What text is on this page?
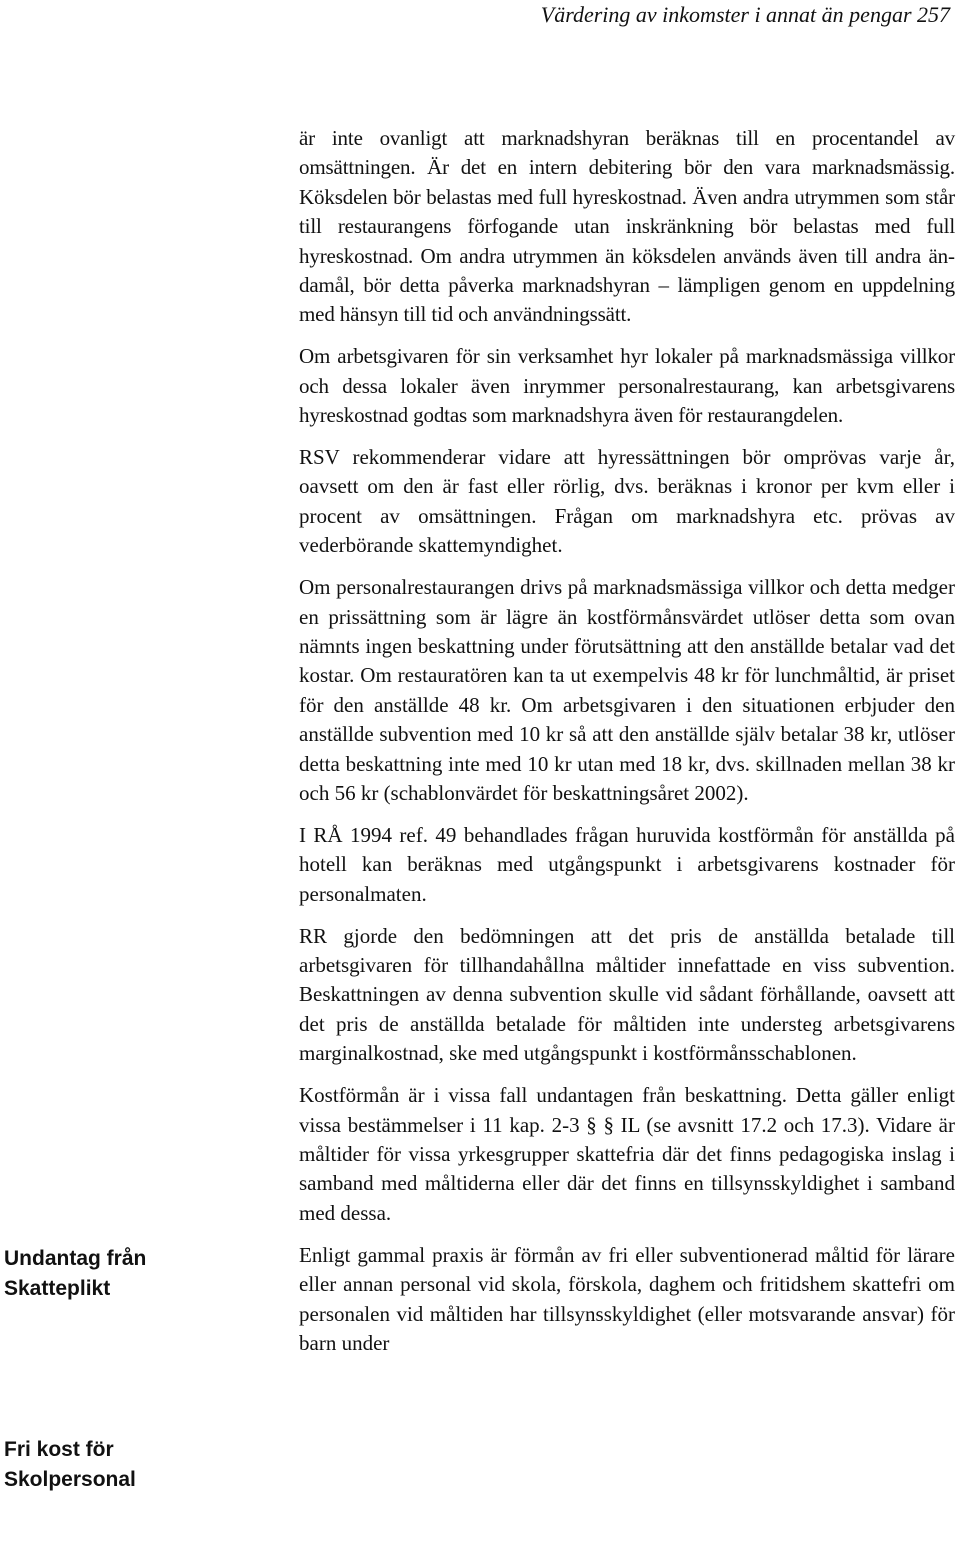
Värdering av inkomster i annat än pengar 257
Undantag från Skatteplikt
Fri kost för Skolpersonal

är inte ovanligt att marknadshyran beräknas till en procentandel av omsättningen. Är det en intern debitering bör den vara marknadsmässig. Köksdelen bör belastas med full hyreskostnad. Även andra utrymmen som står till restaurangens förfogande utan inskränkning bör belastas med full hyreskostnad. Om andra utrymmen än köksdelen används även till andra ändamål, bör detta påverka marknadshyran – lämpligen genom en uppdelning med hänsyn till tid och användningssätt.

Om arbetsgivaren för sin verksamhet hyr lokaler på marknadsmässiga villkor och dessa lokaler även inrymmer personalrestaurang, kan arbetsgivarens hyreskostnad godtas som marknadshyra även för restaurangdelen.

RSV rekommenderar vidare att hyressättningen bör omprövas varje år, oavsett om den är fast eller rörlig, dvs. beräknas i kronor per kvm eller i procent av omsättningen. Frågan om marknadshyra etc. prövas av vederbörande skattemyndighet.

Om personalrestaurangen drivs på marknadsmässiga villkor och detta medger en prissättning som är lägre än kostförmånsvärdet utlöser detta som ovan nämnts ingen beskattning under förutsättning att den anställde betalar vad det kostar. Om restauratören kan ta ut exempelvis 48 kr för lunchmåltid, är priset för den anställde 48 kr. Om arbetsgivaren i den situationen erbjuder den anställde subvention med 10 kr så att den anställde själv betalar 38 kr, utlöser detta beskattning inte med 10 kr utan med 18 kr, dvs. skillnaden mellan 38 kr och 56 kr (schablonvärdet för beskattningsåret 2002).

I RÅ 1994 ref. 49 behandlades frågan huruvida kostförmån för anställda på hotell kan beräknas med utgångspunkt i arbetsgivarens kostnader för personalmaten.

RR gjorde den bedömningen att det pris de anställda betalade till arbetsgivaren för tillhandahållna måltider innefattade en viss subvention. Beskattningen av denna subvention skulle vid sådant förhållande, oavsett att det pris de anställda betalade för måltiden inte understeg arbetsgivarens marginalkostnad, ske med utgångspunkt i kostförmånsschablonen.

Kostförmån är i vissa fall undantagen från beskattning. Detta gäller enligt vissa bestämmelser i 11 kap. 2-3 § § IL (se avsnitt 17.2 och 17.3). Vidare är måltider för vissa yrkesgrupper skattefria där det finns pedagogiska inslag i samband med måltiderna eller där det finns en tillsynsskyldighet i samband med dessa.

Enligt gammal praxis är förmån av fri eller subventionerad måltid för lärare eller annan personal vid skola, förskola, daghem och fritidshem skattefri om personalen vid måltiden har tillsynsskyldighet (eller motsvarande ansvar) för barn under
